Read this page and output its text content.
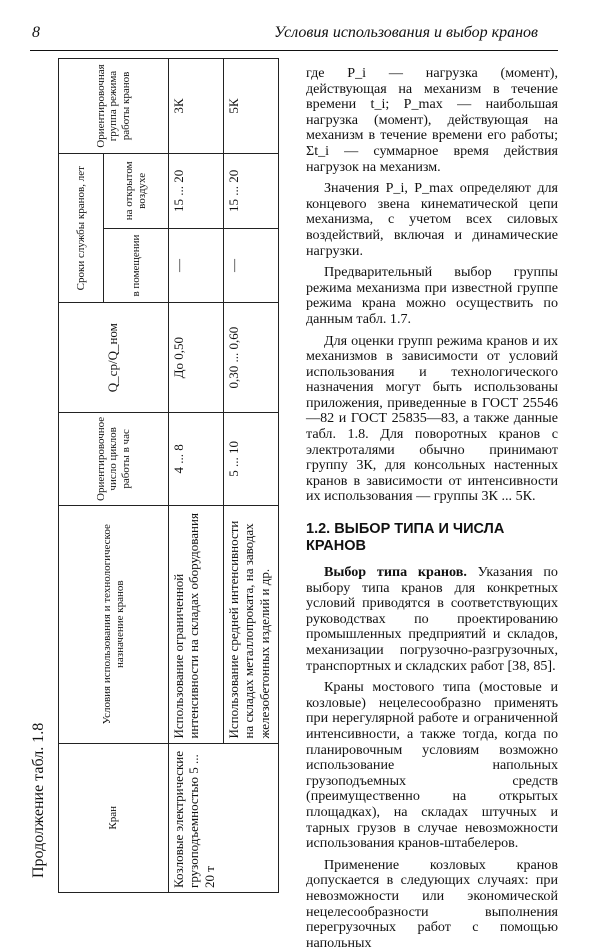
8	Условия использования и выбор кранов
Продолжение табл. 1.8	Кран	Условия использования и технологическое назначение кранов	Ориентировочное число циклов работы в час	Q_ср/Q_ном	Сроки службы кранов, лет		Ориентировочная группа режима работы кранов
				в помещении	на открытом воздухе	
Козловые электрические грузоподъемностью 5 ... 20 т	Использование ограниченной интенсивности на складах оборудования	4 ... 8	До 0,50	—	15 ... 20	3К
	Использование средней интенсивности на складах металлопроката, на заводах железобетонных изделий и др.	5 ... 10	0,30 ... 0,60	—	15 ... 20	5К

где P_i — нагрузка (момент), действующая на механизм в течение времени t_i; P_max — наибольшая нагрузка (момент), действующая на механизм в течение времени его работы; Σt_i — суммарное время действия нагрузок на механизм.

Значения P_i, P_max определяют для концевого звена кинематической цепи механизма, с учетом всех силовых воздействий, включая и динамические нагрузки.

Предварительный выбор группы режима механизма при известной группе режима крана можно осуществить по данным табл. 1.7.

Для оценки групп режима кранов и их механизмов в зависимости от условий использования и технологического назначения могут быть использованы приложения, приведенные в ГОСТ 25546—82 и ГОСТ 25835—83, а также данные табл. 1.8. Для поворотных кранов с электроталями обычно принимают группу 3К, для консольных настенных кранов в зависимости от интенсивности их использования — группы 3К ... 5К.

1.2. ВЫБОР ТИПА И ЧИСЛА КРАНОВ

Выбор типа кранов. Указания по выбору типа кранов для конкретных условий приводятся в соответствующих руководствах по проектированию промышленных предприятий и складов, механизации погрузочно-разгрузочных, транспортных и складских работ [38, 85].

Краны мостового типа (мостовые и козловые) нецелесообразно применять при нерегулярной работе и ограниченной интенсивности, а также тогда, когда по планировочным условиям возможно использование напольных грузоподъемных средств (преимущественно на открытых площадках), на складах штучных и тарных грузов в случае невозможности использования кранов-штабелеров.

Применение козловых кранов допускается в следующих случаях: при невозможности или экономической нецелесообразности выполнения перегрузочных работ с помощью напольных
